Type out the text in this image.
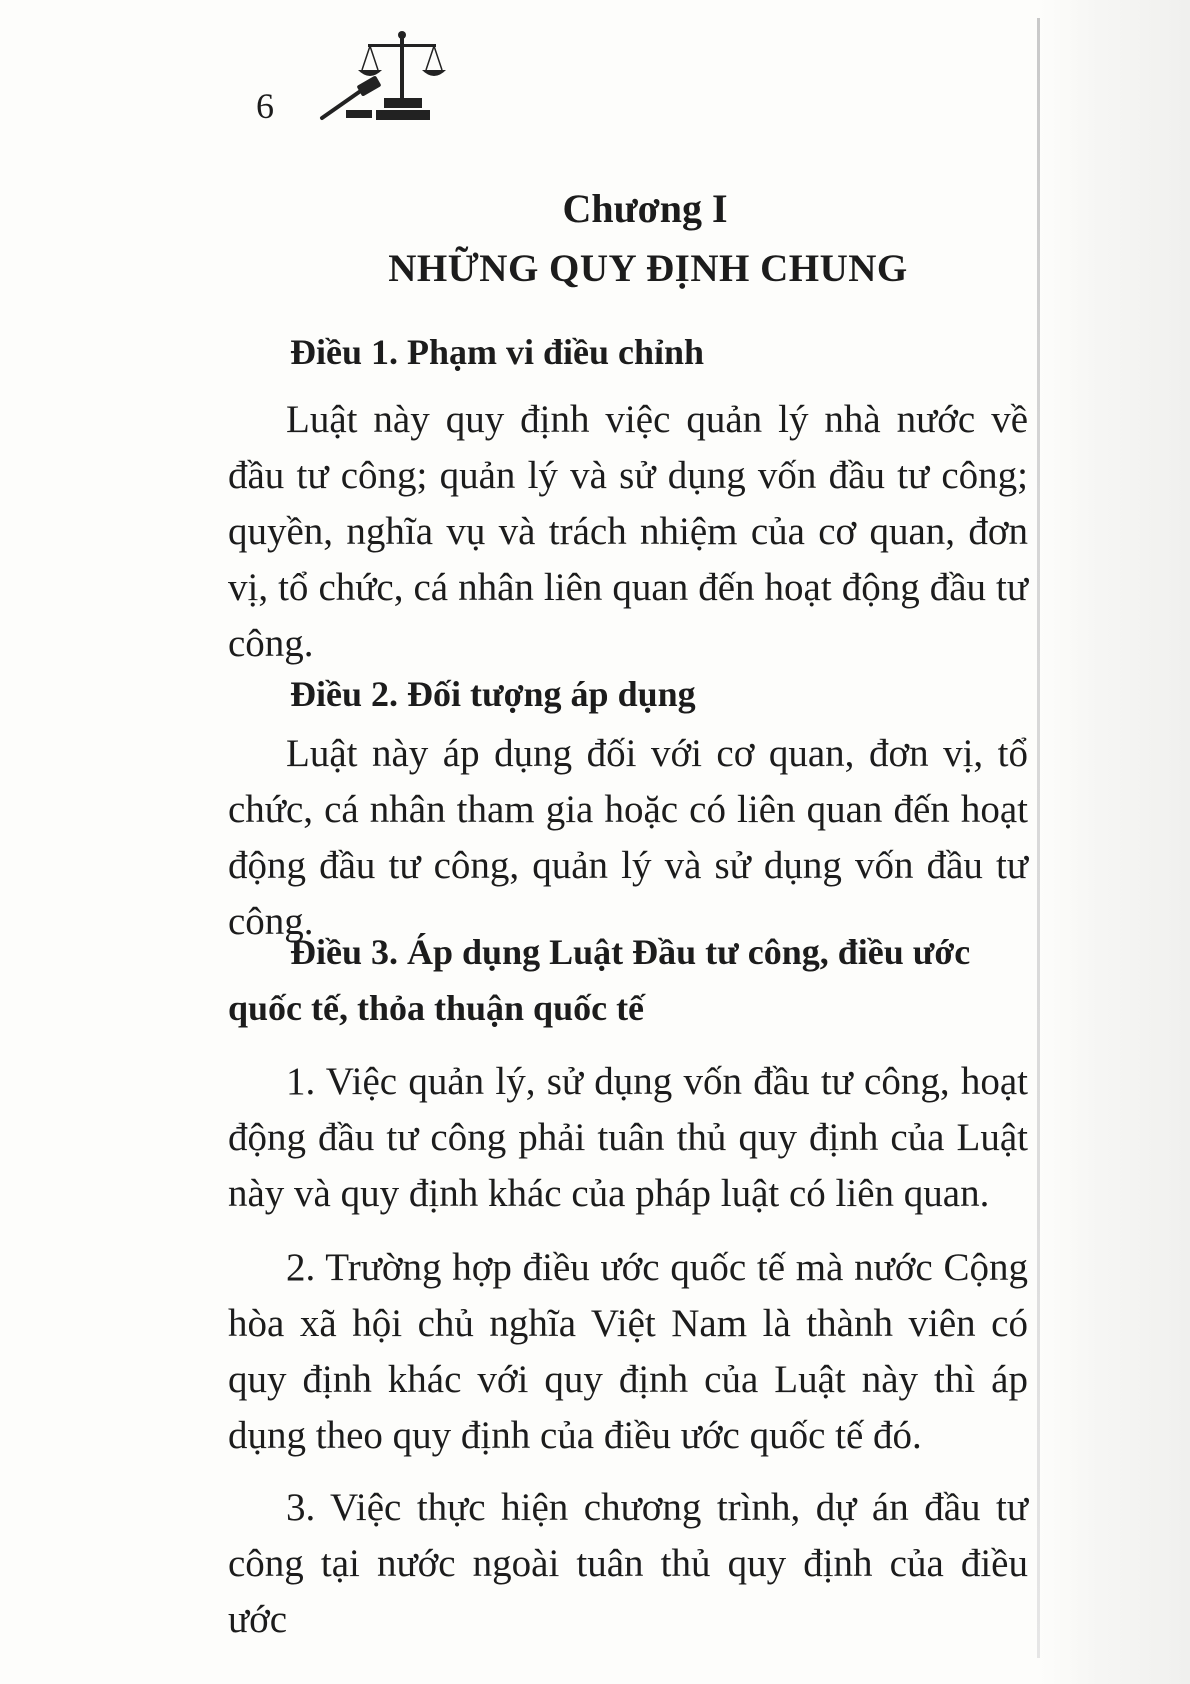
6
Chương I
NHỮNG QUY ĐỊNH CHUNG
Điều 1. Phạm vi điều chỉnh

Luật này quy định việc quản lý nhà nước về đầu tư công; quản lý và sử dụng vốn đầu tư công; quyền, nghĩa vụ và trách nhiệm của cơ quan, đơn vị, tổ chức, cá nhân liên quan đến hoạt động đầu tư công.

Điều 2. Đối tượng áp dụng

Luật này áp dụng đối với cơ quan, đơn vị, tổ chức, cá nhân tham gia hoặc có liên quan đến hoạt động đầu tư công, quản lý và sử dụng vốn đầu tư công.

Điều 3. Áp dụng Luật Đầu tư công, điều ước quốc tế, thỏa thuận quốc tế

1. Việc quản lý, sử dụng vốn đầu tư công, hoạt động đầu tư công phải tuân thủ quy định của Luật này và quy định khác của pháp luật có liên quan.

2. Trường hợp điều ước quốc tế mà nước Cộng hòa xã hội chủ nghĩa Việt Nam là thành viên có quy định khác với quy định của Luật này thì áp dụng theo quy định của điều ước quốc tế đó.

3. Việc thực hiện chương trình, dự án đầu tư công tại nước ngoài tuân thủ quy định của điều ước
